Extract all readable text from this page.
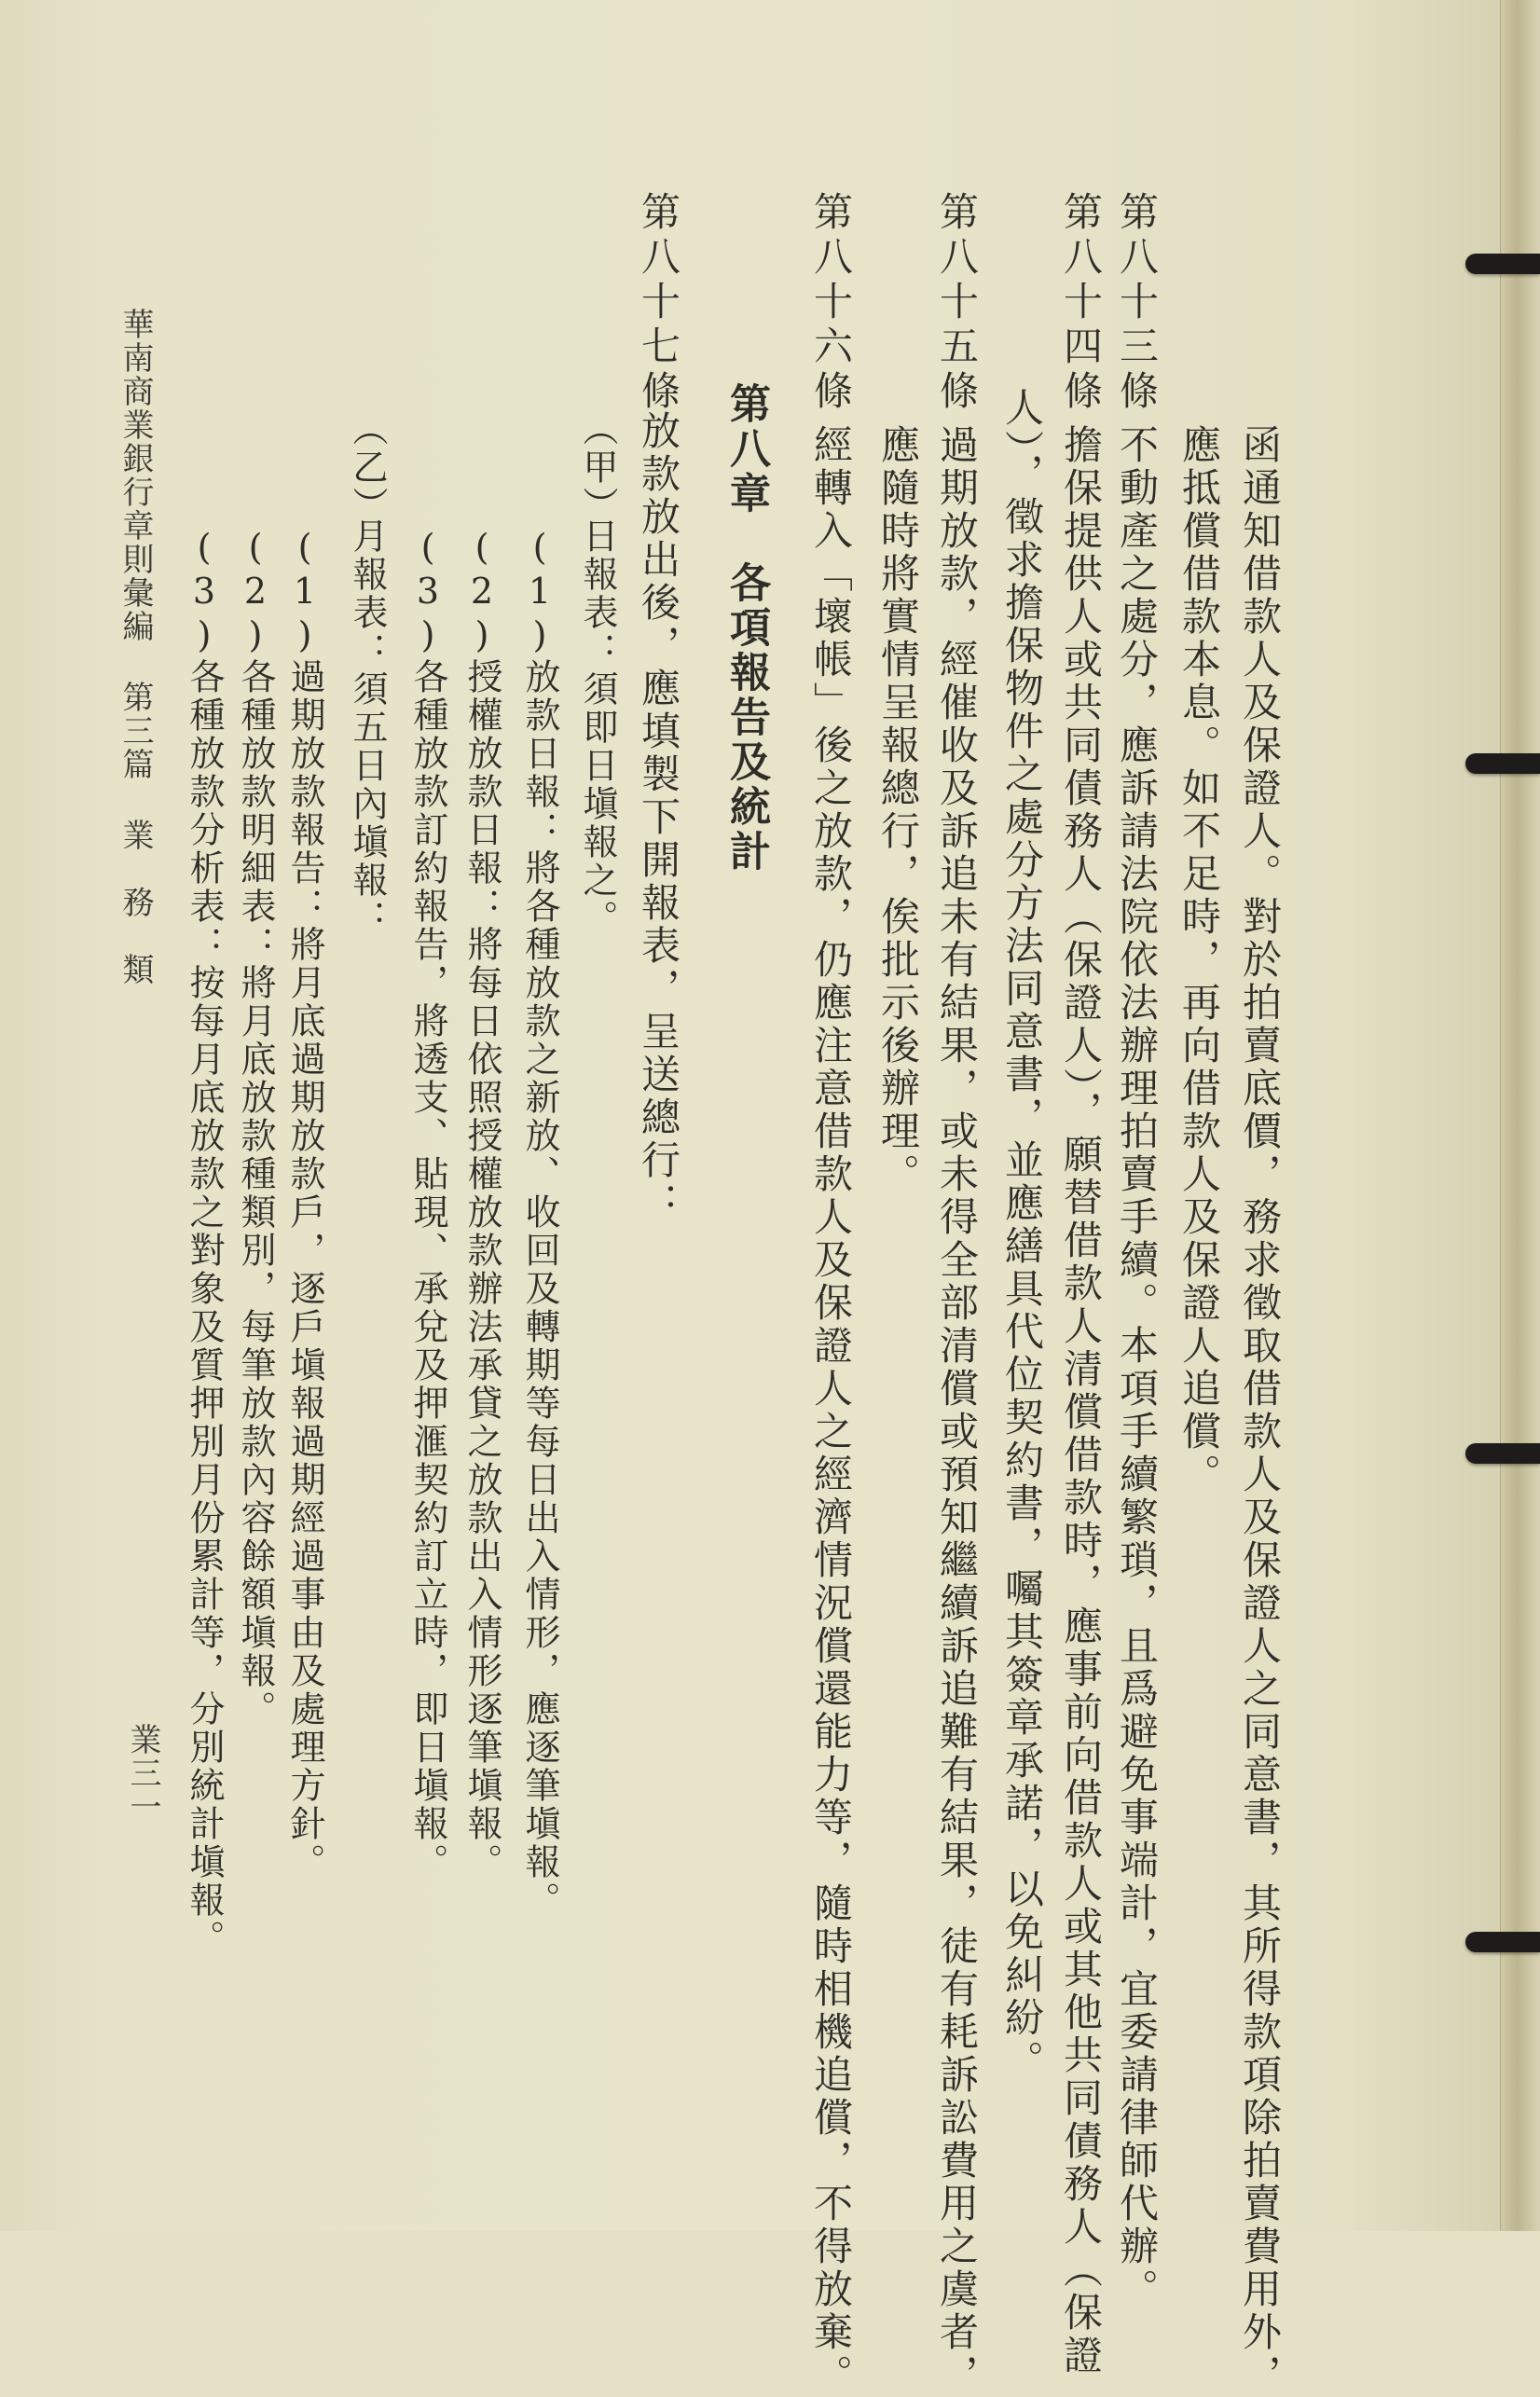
函通知借款人及保證人。對於拍賣底價，務求徵取借款人及保證人之同意書，其所得款項除拍賣費用外，
應抵償借款本息。如不足時，再向借款人及保證人追償。
第八十三條
不動產之處分，應訴請法院依法辦理拍賣手續。本項手續繁瑣，且爲避免事端計，宜委請律師代辦。
第八十四條
擔保提供人或共同債務人（保證人），願替借款人清償借款時，應事前向借款人或其他共同債務人（保證
人），徵求擔保物件之處分方法同意書，並應繕具代位契約書，囑其簽章承諾，以免糾紛。
第八十五條
過期放款，經催收及訴追未有結果，或未得全部清償或預知繼續訴追難有結果，徒有耗訴訟費用之虞者，
應隨時將實情呈報總行，俟批示後辦理。
第八十六條
經轉入「壞帳」後之放款，仍應注意借款人及保證人之經濟情況償還能力等，隨時相機追償，不得放棄。
第八章　各項報告及統計
第八十七條
放款放出後，應填製下開報表，呈送總行：
（甲）
日報表：須即日塡報之。
(1)放款日報：將各種放款之新放、收回及轉期等每日出入情形，應逐筆塡報。
(2)授權放款日報：將每日依照授權放款辦法承貸之放款出入情形逐筆塡報。
(3)各種放款訂約報告，將透支、貼現、承兌及押滙契約訂立時，即日塡報。
（乙）
月報表：須五日內塡報：
(1)過期放款報告：將月底過期放款戶，逐戶塡報過期經過事由及處理方針。
(2)各種放款明細表：將月底放款種類別，每筆放款內容餘額塡報。
(3)各種放款分析表：按每月底放款之對象及質押別月份累計等，分別統計塡報。
華南商業銀行章則彙編第三篇業　務　類
業三一
